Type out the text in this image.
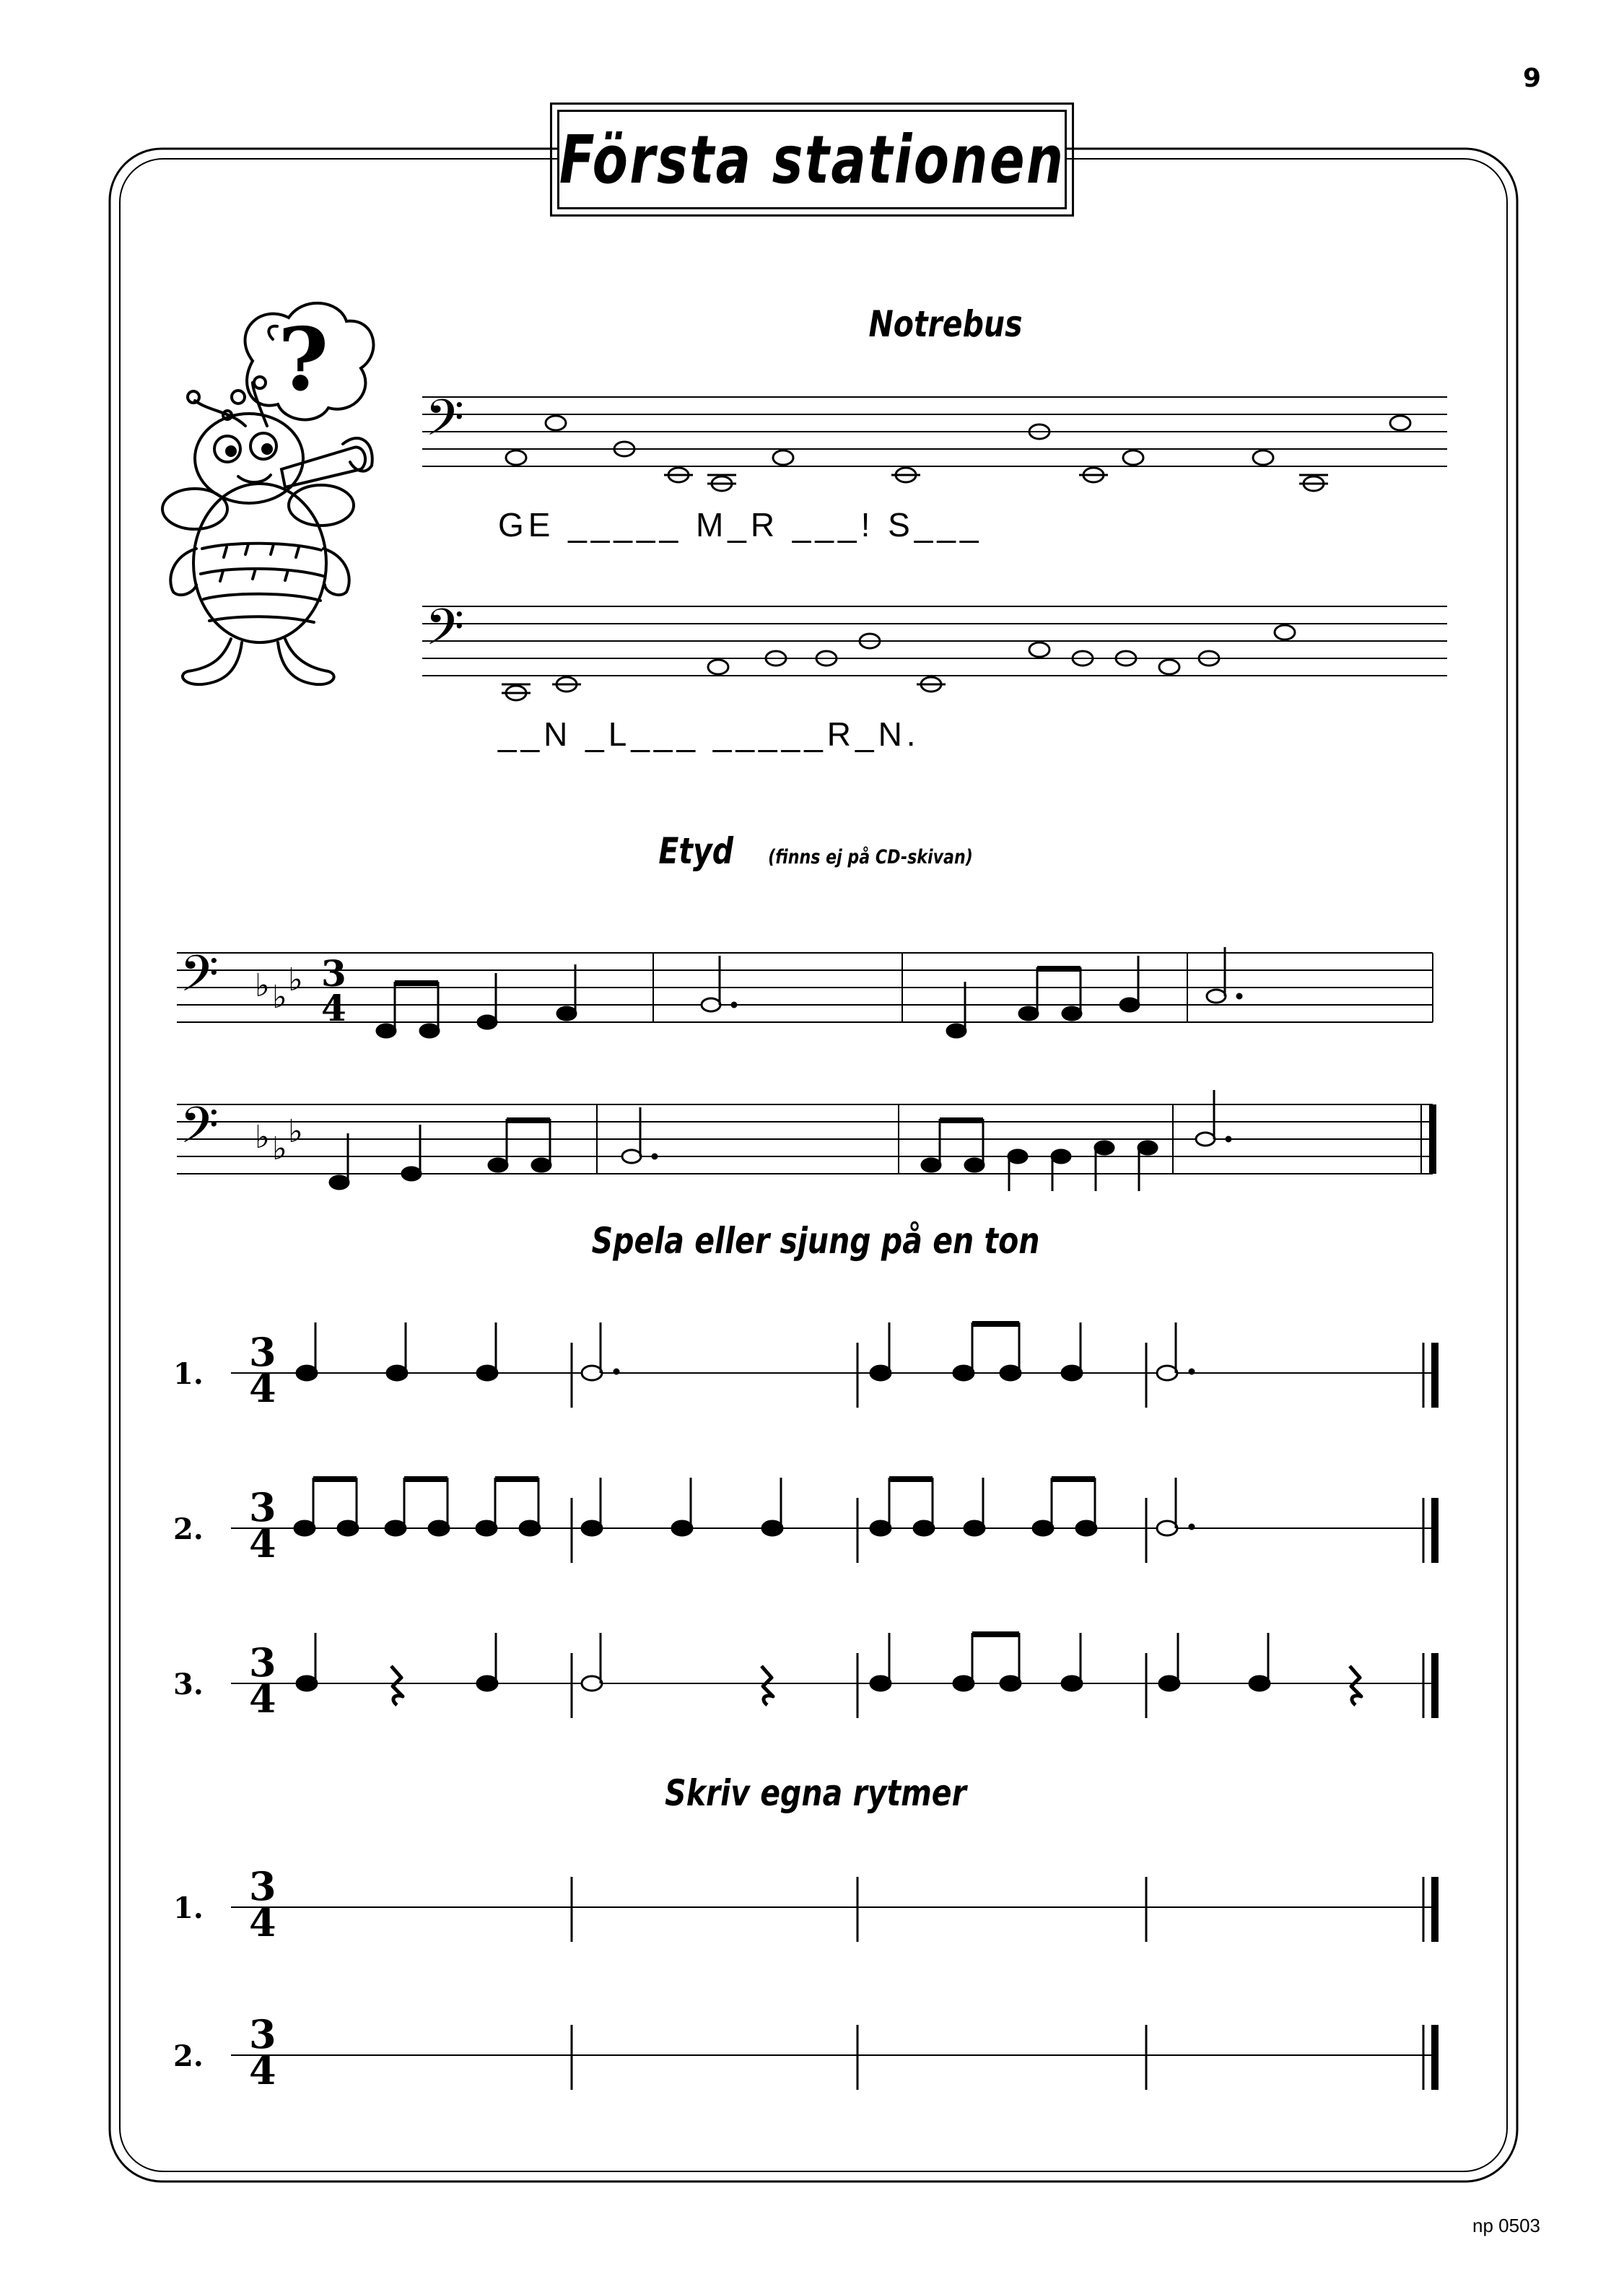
9
Första stationen
?	Notrebus
𝄢
GE _____ M_R ___! S___
𝄢
__N _L___ _____R_N.
Etyd (finns ej på CD-skivan)
𝄢 ♭ ♭ ♭ 3
4
𝄢 ♭ ♭ ♭
Spela eller sjung på en ton
1. 3
4
2. 3
4
3. 3
4
Skriv egna rytmer
1. 3
4
2. 3
4
np 0503
